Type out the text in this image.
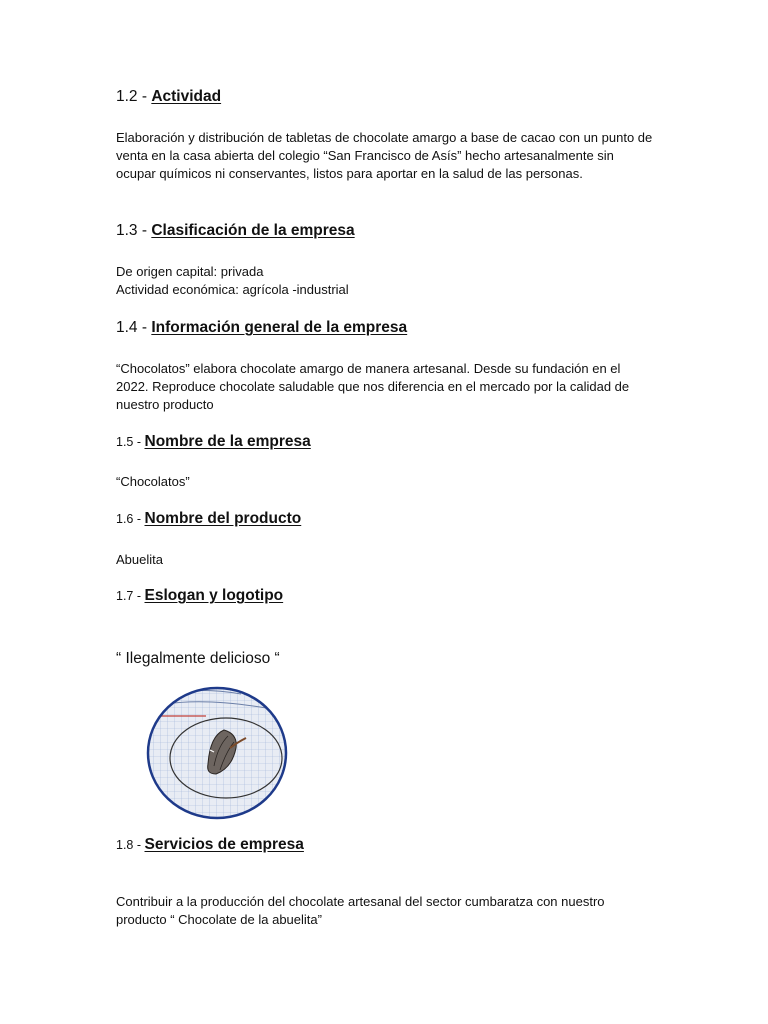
1.2 - Actividad
Elaboración y distribución de tabletas de chocolate amargo a base de cacao con un punto de venta en la casa abierta del colegio “San Francisco de Asís” hecho artesanalmente sin ocupar químicos ni conservantes, listos para aportar en la salud de las personas.
1.3 - Clasificación de la empresa
De origen capital: privada
Actividad económica: agrícola -industrial
1.4 - Información general de la empresa
“Chocolatos” elabora chocolate amargo de manera artesanal. Desde su fundación en el 2022. Reproduce chocolate saludable que nos diferencia en el mercado por la calidad de nuestro producto
1.5 - Nombre de la empresa
“Chocolatos”
1.6 - Nombre del producto
Abuelita
1.7 - Eslogan y logotipo
“ Ilegalmente delicioso “
1.8 - Servicios de empresa
Contribuir a la producción del chocolate artesanal del sector cumbaratza con nuestro producto “ Chocolate de la abuelita”
